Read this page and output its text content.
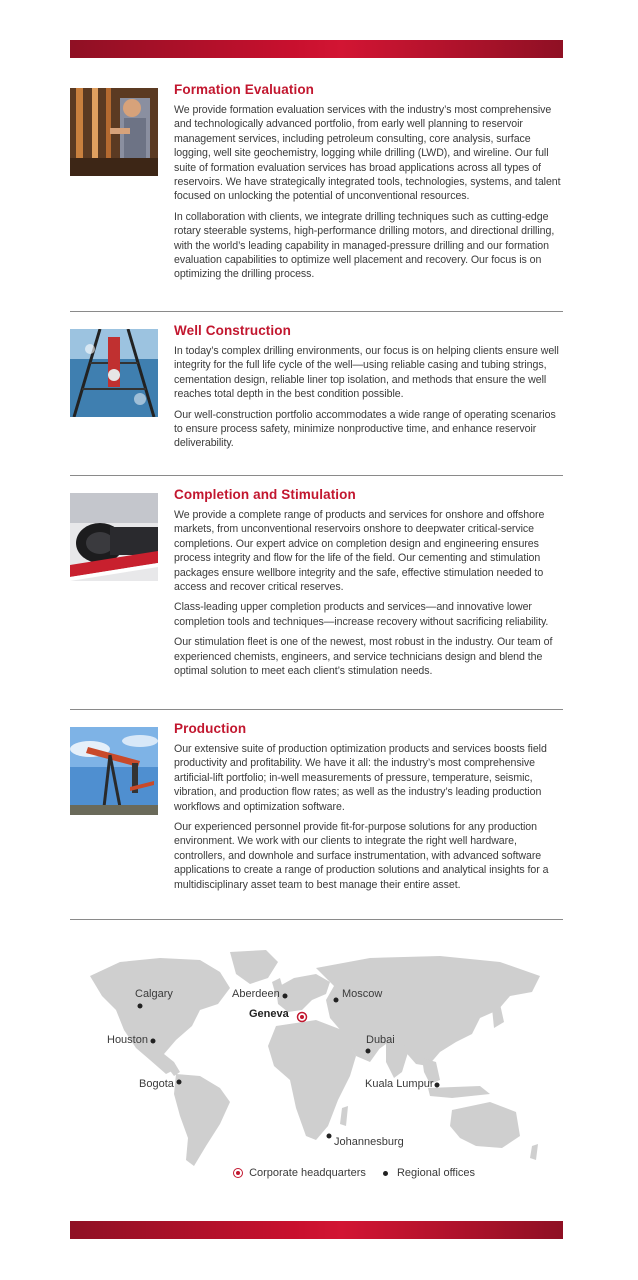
Formation Evaluation

We provide formation evaluation services with the industry’s most comprehensive and technologically advanced portfolio, from early well planning to reservoir management services, including petroleum consulting, core analysis, surface logging, well site geochemistry, logging while drilling (LWD), and wireline. Our full suite of formation evaluation services has broad applications across all types of reservoirs. We have strategically integrated tools, technologies, systems, and talent focused on unlocking the potential of unconventional resources.

In collaboration with clients, we integrate drilling techniques such as cutting-edge rotary steerable systems, high-performance drilling motors, and directional drilling, with the world’s leading capability in managed-pressure drilling and our formation evaluation capabilities to optimize well placement and recovery. Our focus is on optimizing the drilling process.

Well Construction

In today’s complex drilling environments, our focus is on helping clients ensure well integrity for the full life cycle of the well—using reliable casing and tubing strings, cementation design, reliable liner top isolation, and methods that ensure the well reaches total depth in the best condition possible.

Our well-construction portfolio accommodates a wide range of operating scenarios to ensure process safety, minimize nonproductive time, and enhance reservoir deliverability.

Completion and Stimulation

We provide a complete range of products and services for onshore and offshore markets, from unconventional reservoirs onshore to deepwater critical-service completions. Our expert advice on completion design and engineering ensures process integrity and flow for the life of the field. Our cementing and stimulation packages ensure wellbore integrity and the safe, effective stimulation needed to access and recover critical reserves.

Class-leading upper completion products and services—and innovative lower completion tools and techniques—increase recovery without sacrificing reliability.

Our stimulation fleet is one of the newest, most robust in the industry. Our team of experienced chemists, engineers, and service technicians design and blend the optimal solution to meet each client’s stimulation needs.

Production

Our extensive suite of production optimization products and services boosts field productivity and profitability. We have it all: the industry’s most comprehensive artificial-lift portfolio; in-well measurements of pressure, temperature, seismic, vibration, and production flow rates; as well as the industry’s leading production workflows and optimization software.

Our experienced personnel provide fit-for-purpose solutions for any production environment. We work with our clients to integrate the right well hardware, controllers, and downhole and surface instrumentation, with advanced software applications to create a range of production solutions and analytical insights for a multidisciplinary asset team to best manage their entire asset.

Calgary	Aberdeen	Moscow
Geneva
Houston	Dubai
Bogota	Kuala Lumpur
Johannesburg
Corporate headquarters	Regional offices
